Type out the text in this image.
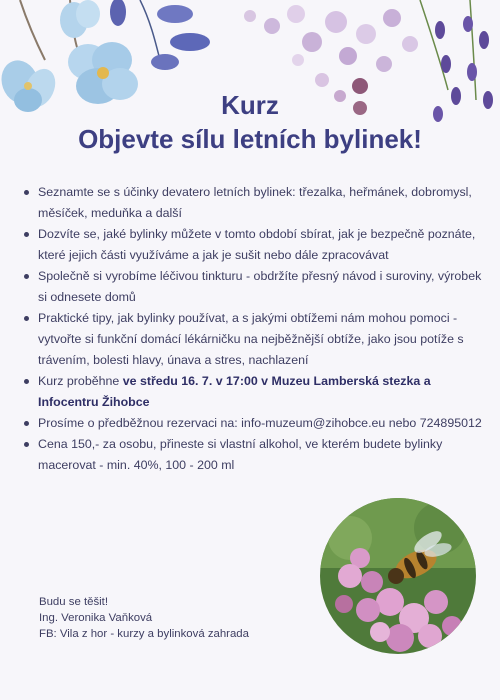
Kurz
Objevte sílu letních bylinek!
Seznamte se s účinky devatero letních bylinek: třezalka, heřmánek, dobromysl, měsíček, meduňka a další
Dozvíte se, jaké bylinky můžete v tomto období sbírat, jak je bezpečně poznáte, které jejich části využíváme a jak je sušit nebo dále zpracovávat
Společně si vyrobíme léčivou tinkturu - obdržíte přesný návod i suroviny, výrobek si odnesete domů
Praktické tipy, jak bylinky používat, a s jakými obtížemi nám mohou pomoci - vytvořte si funkční domácí lékárničku na nejběžnější obtíže, jako jsou potíže s trávením, bolesti hlavy, únava a stres, nachlazení
Kurz proběhne ve středu 16. 7. v 17:00 v Muzeu Lamberská stezka a Infocentru Žihobce
Prosíme o předběžnou rezervaci na: info-muzeum@zihobce.eu nebo 724895012
Cena 150,- za osobu, přineste si vlastní alkohol, ve kterém budete bylinky macerovat - min. 40%, 100 - 200 ml
Budu se těšit!
Ing. Veronika Vaňková
FB: Vila z hor - kurzy a bylinková zahrada
